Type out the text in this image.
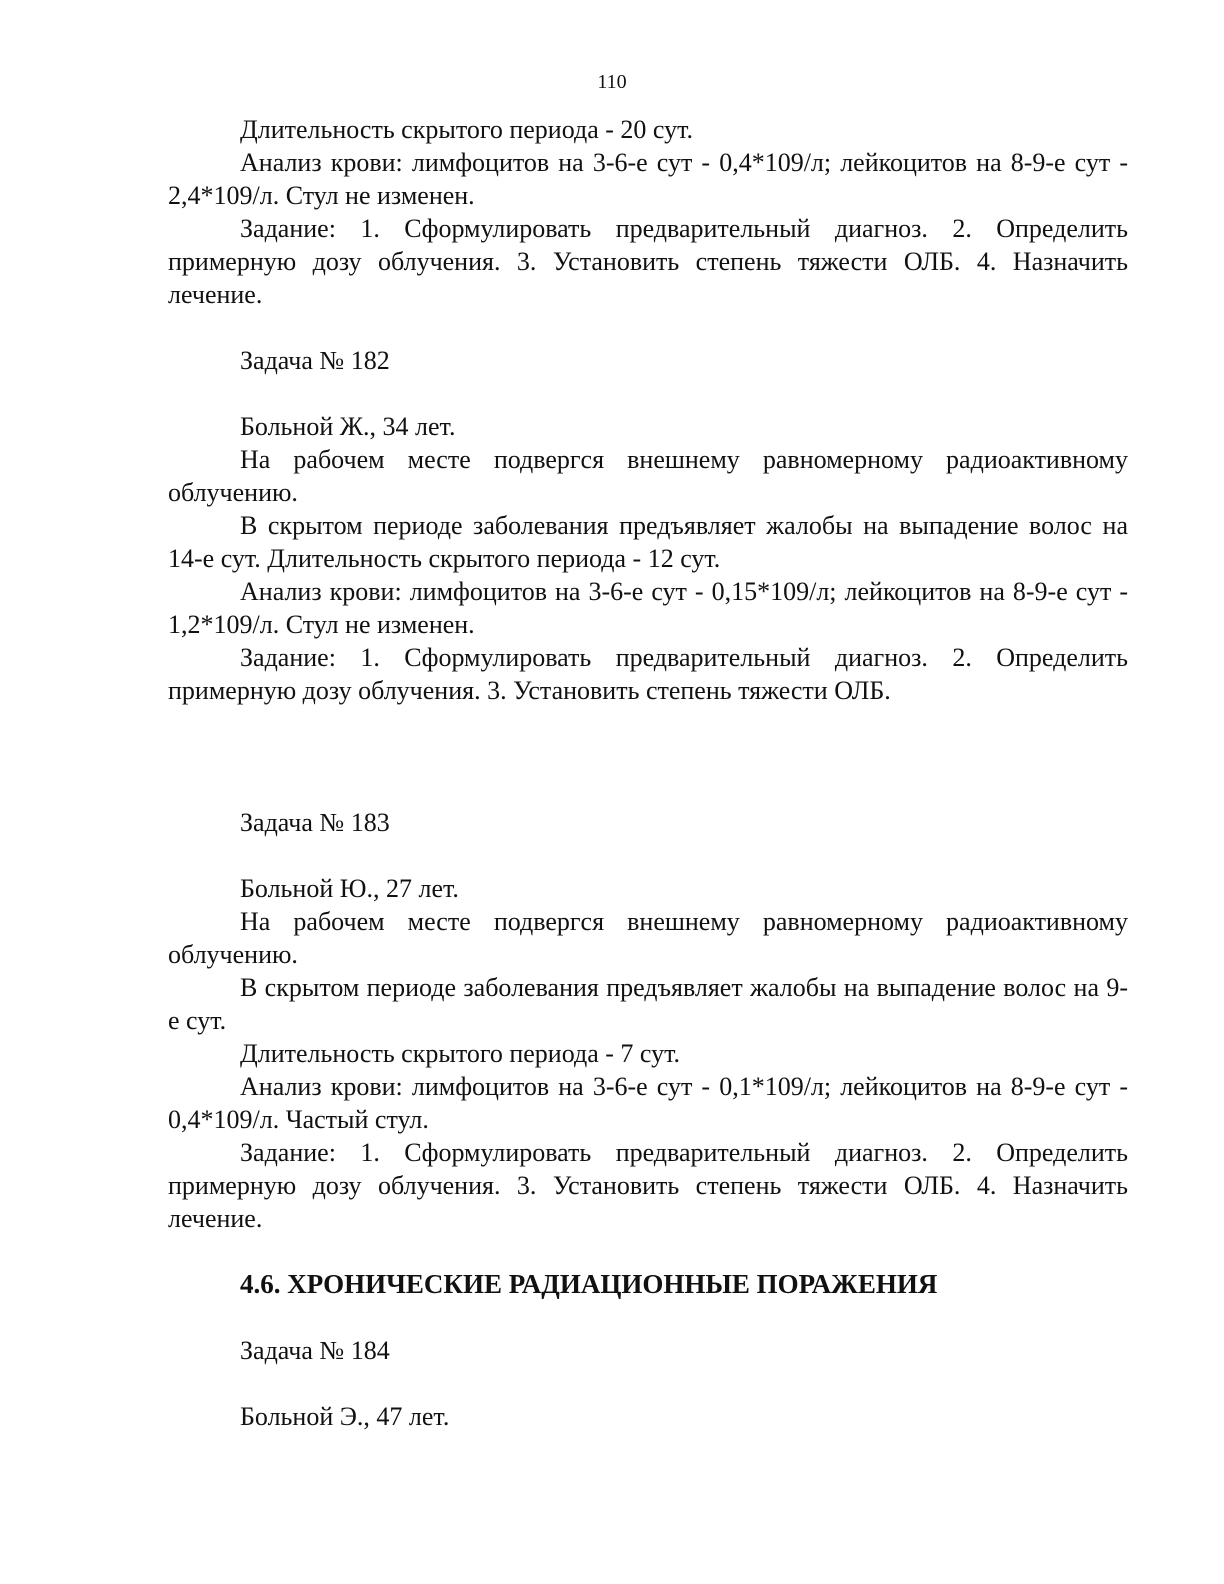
110

Длительность скрытого периода - 20 сут.

Анализ крови: лимфоцитов на 3-6-е сут - 0,4*109/л; лейкоцитов на 8-9-е сут - 2,4*109/л. Стул не изменен.

Задание: 1. Сформулировать предварительный диагноз. 2. Определить примерную дозу облучения. 3. Установить степень тяжести ОЛБ. 4. Назначить лечение.

Задача № 182

Больной Ж., 34 лет.

На рабочем месте подвергся внешнему равномерному радиоактивному облучению.

В скрытом периоде заболевания предъявляет жалобы на выпадение волос на 14-е сут. Длительность скрытого периода - 12 сут.

Анализ крови: лимфоцитов на 3-6-е сут - 0,15*109/л; лейкоцитов на 8-9-е сут - 1,2*109/л. Стул не изменен.

Задание: 1. Сформулировать предварительный диагноз. 2. Определить примерную дозу облучения. 3. Установить степень тяжести ОЛБ.

Задача № 183

Больной Ю., 27 лет.

На рабочем месте подвергся внешнему равномерному радиоактивному облучению.

В скрытом периоде заболевания предъявляет жалобы на выпадение волос на 9-е сут.

Длительность скрытого периода - 7 сут.

Анализ крови: лимфоцитов на 3-6-е сут - 0,1*109/л; лейкоцитов на 8-9-е сут - 0,4*109/л. Частый стул.

Задание: 1. Сформулировать предварительный диагноз. 2. Определить примерную дозу облучения. 3. Установить степень тяжести ОЛБ. 4. Назначить лечение.

4.6. ХРОНИЧЕСКИЕ РАДИАЦИОННЫЕ ПОРАЖЕНИЯ

Задача № 184

Больной Э., 47 лет.
